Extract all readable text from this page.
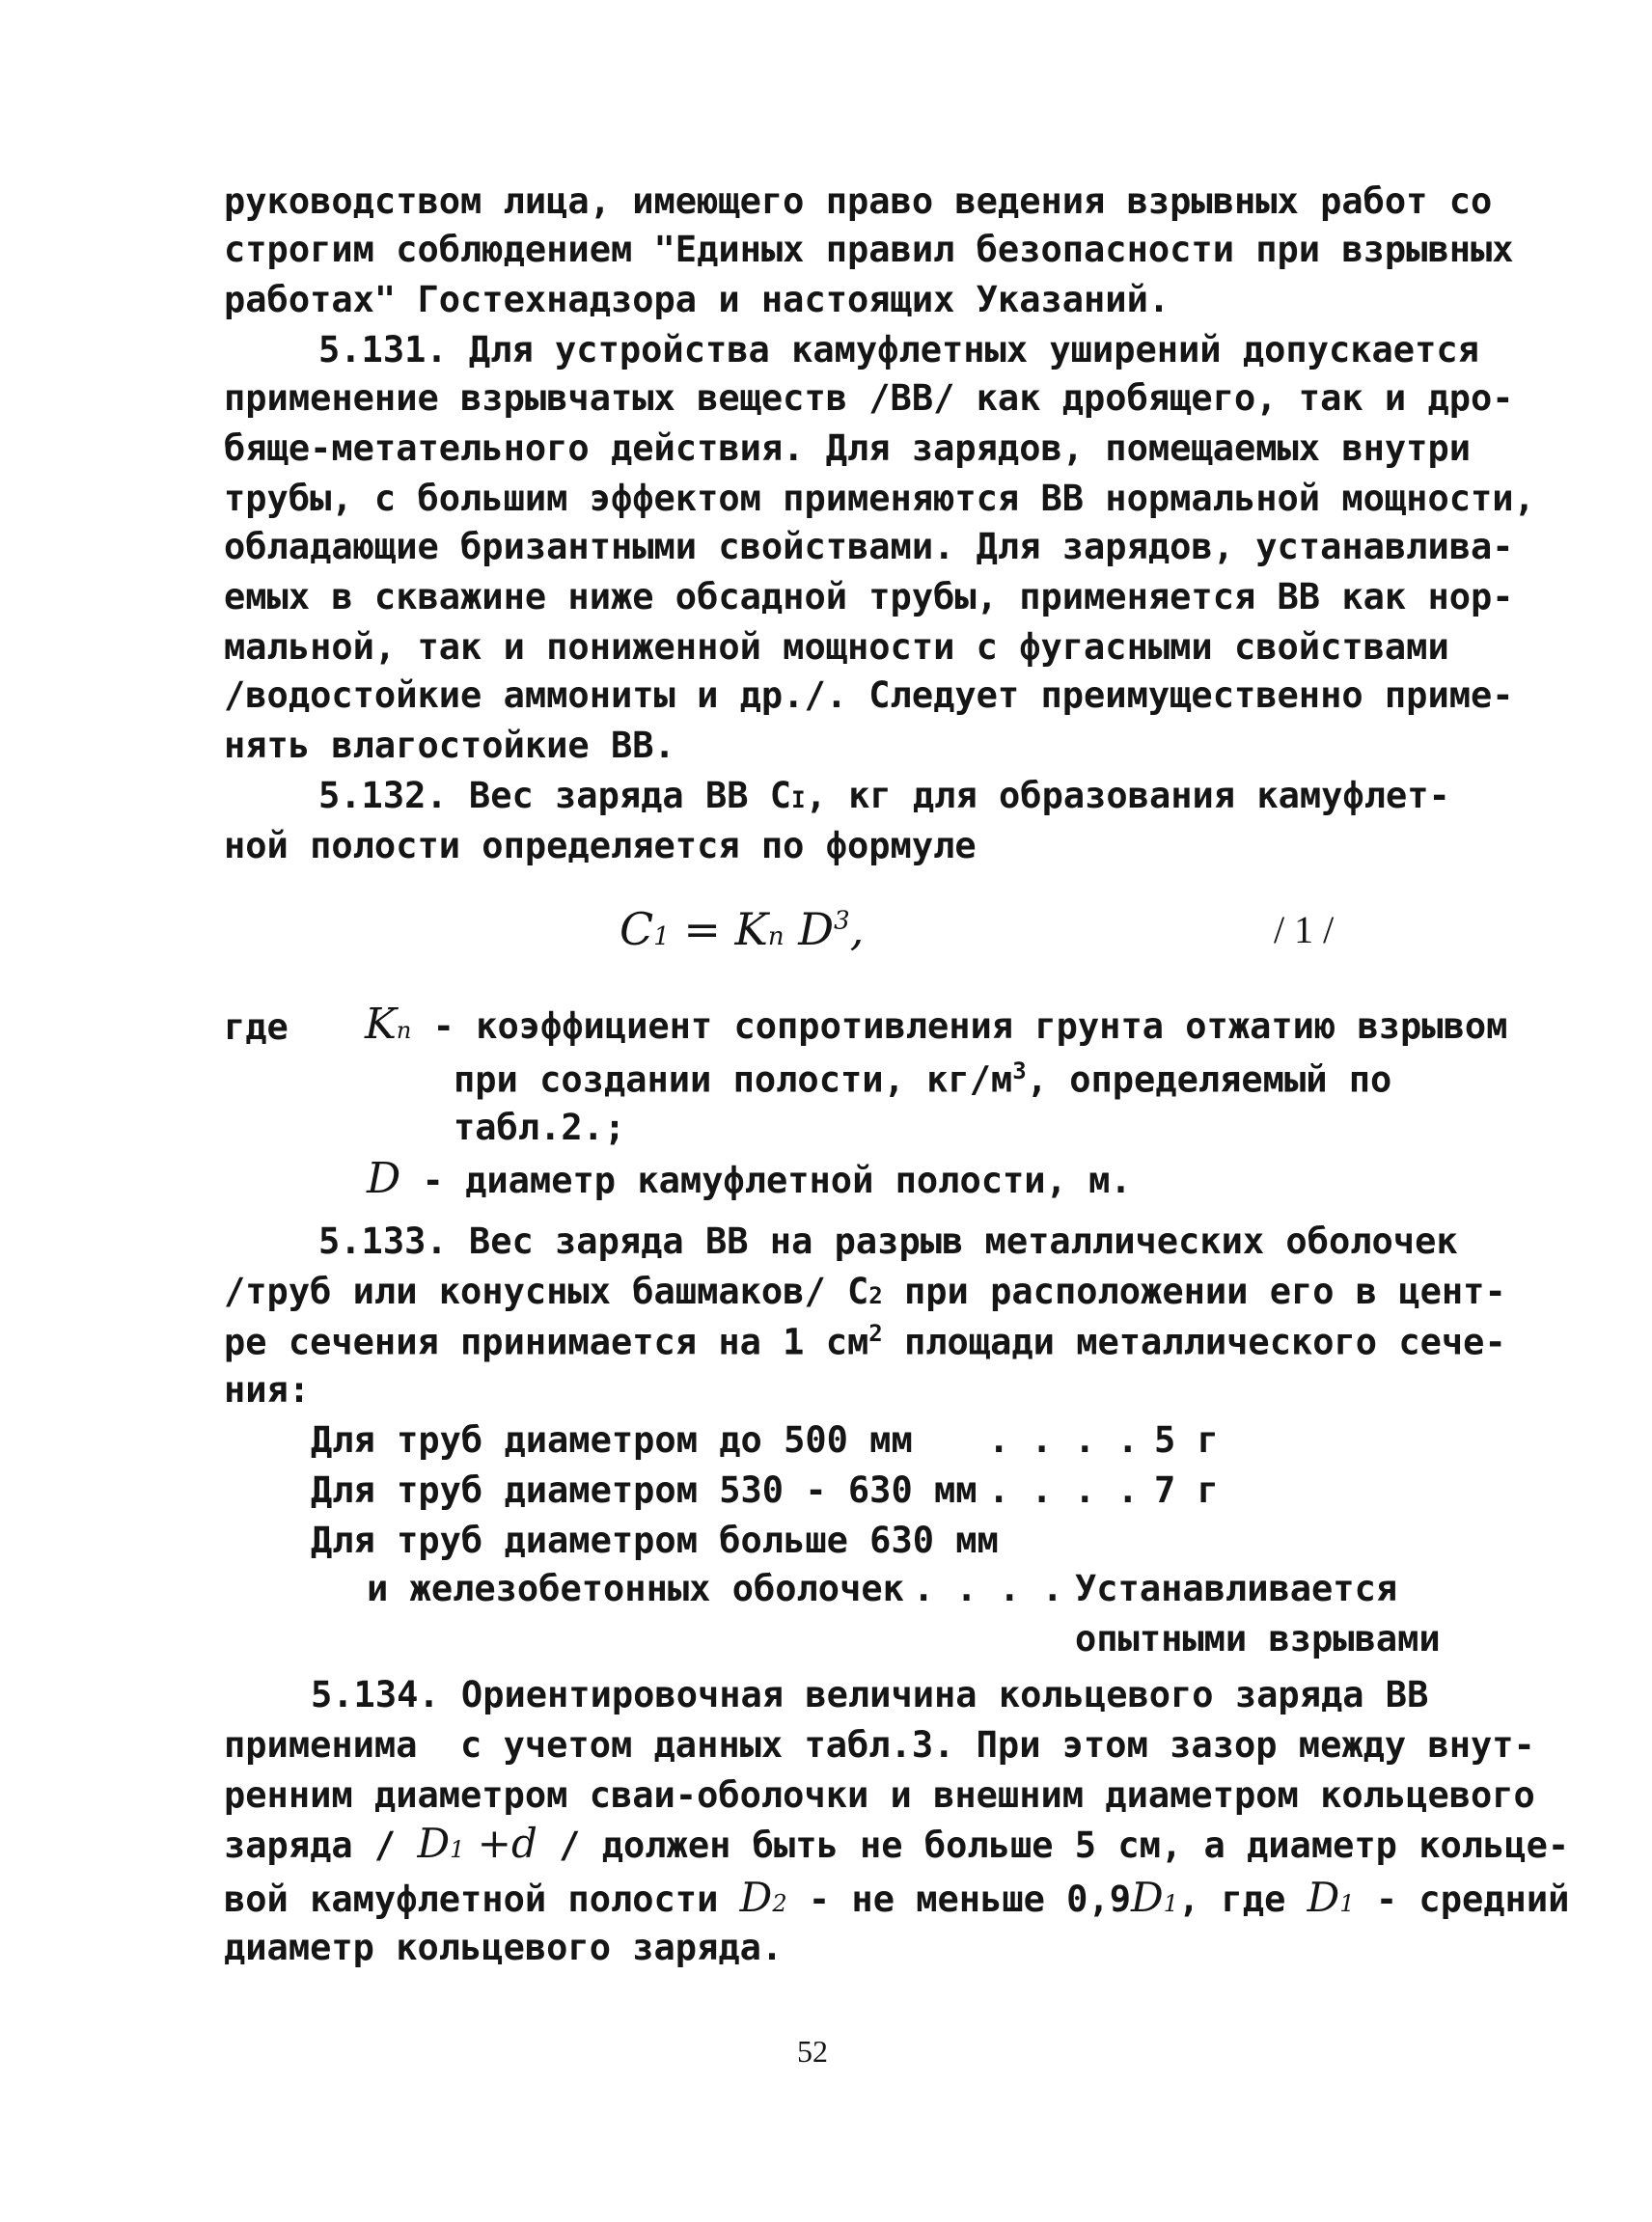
руководством лица, имеющего право ведения взрывных работ со
строгим соблюдением "Единых правил безопасности при взрывных
работах" Гостехнадзора и настоящих Указаний.
5.131. Для устройства камуфлетных уширений допускается
применение взрывчатых веществ /ВВ/ как дробящего, так и дро-
бяще-метательного действия. Для зарядов, помещаемых внутри
трубы, с большим эффектом применяются ВВ нормальной мощности,
обладающие бризантными свойствами. Для зарядов, устанавлива-
емых в скважине ниже обсадной трубы, применяется ВВ как нор-
мальной, так и пониженной мощности с фугасными свойствами
/водостойкие аммониты и др./. Следует преимущественно приме-
нять влагостойкие ВВ.
5.132. Вес заряда ВВ CI, кг для образования камуфлет-
ной полости определяется по формуле
C1 = Kп $D^3$,	/ 1 /
где Kп - коэффициент сопротивления грунта отжатию взрывом
при создании полости, $кг/м^3$, определяемый по
табл.2.;
D - диаметр камуфлетной полости, м.
5.133. Вес заряда ВВ на разрыв металлических оболочек
/труб или конусных башмаков/ C2 при расположении его в цент-
ре сечения принимается на 1 $см^2$ площади металлического сече-
ния:
Для труб диаметром до 500 мм . . . . 5 г
Для труб диаметром 530 - 630 мм . . . . 7 г
Для труб диаметром больше 630 мм
и железобетонных оболочек . . . . Устанавливается
опытными взрывами
5.134. Ориентировочная величина кольцевого заряда ВВ
применима  с учетом данных табл.3. При этом зазор между внут-
ренним диаметром сваи-оболочки и внешним диаметром кольцевого
заряда / D1 +d / должен быть не больше 5 см, а диаметр кольце-
вой камуфлетной полости D2 - не меньше 0,9D1, где D1 - средний
диаметр кольцевого заряда.
52
